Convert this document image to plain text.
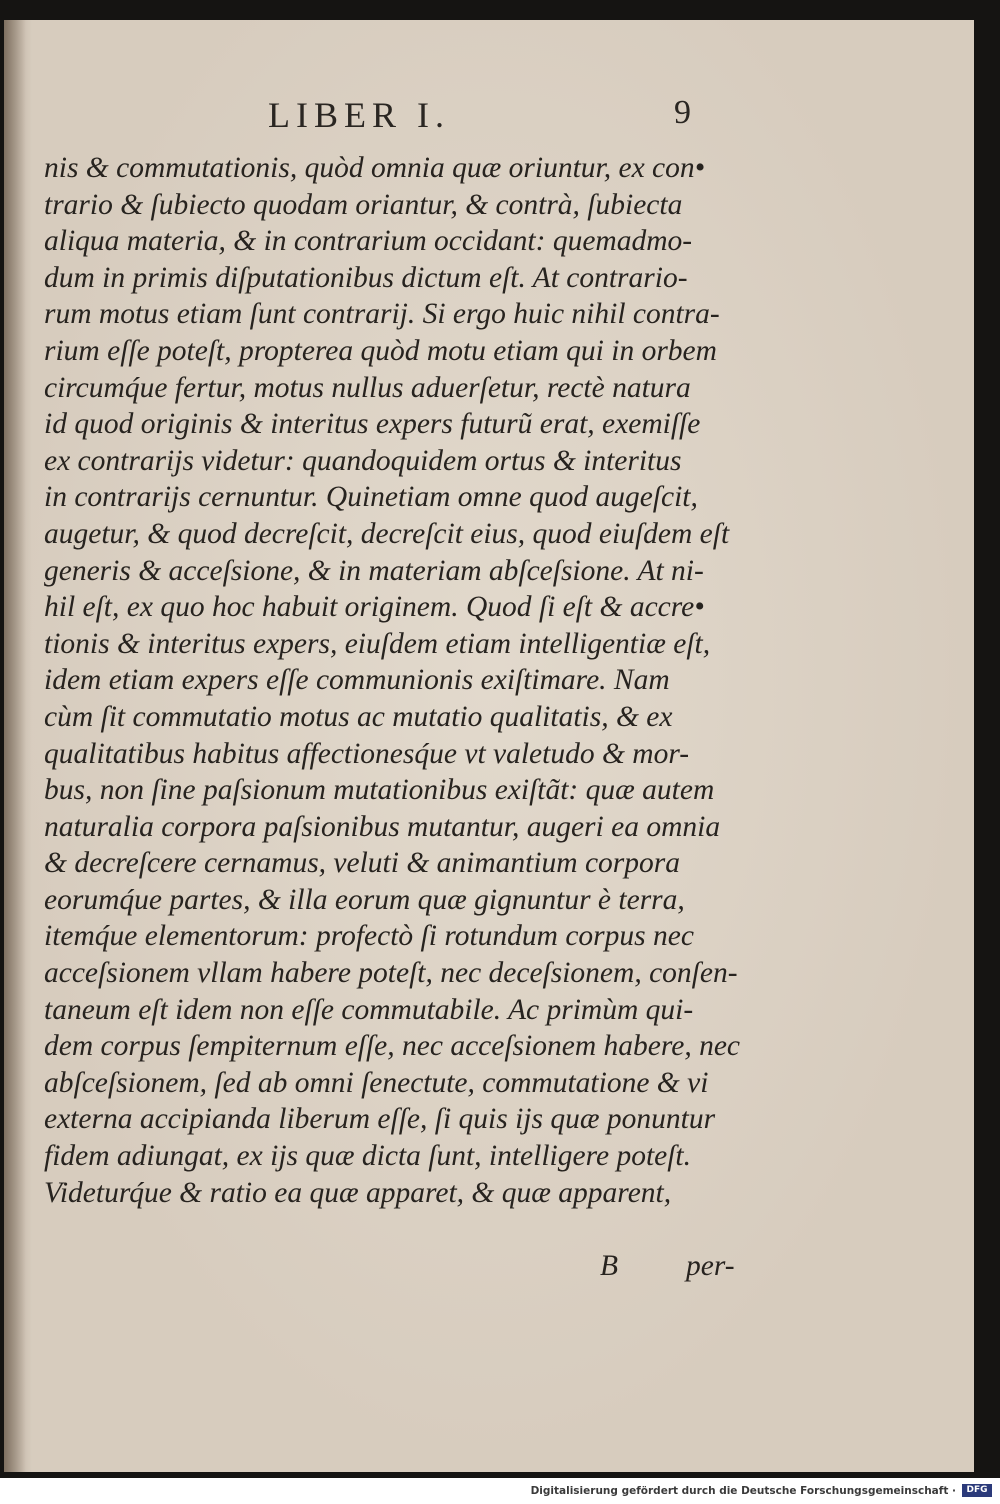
LIBER I.	9
nis & commutationis, quòd omnia quæ oriuntur, ex con•
trario & ſubiecto quodam oriantur, & contrà, ſubiecta
aliqua materia, & in contrarium occidant: quemadmo-
dum in primis diſputationibus dictum eſt. At contrario-
rum motus etiam ſunt contrarij. Si ergo huic nihil contra-
rium eſſe poteſt, propterea quòd motu etiam qui in orbem
circumq́ue fertur, motus nullus aduerſetur, rectè natura
id quod originis & interitus expers futurũ erat, exemiſſe
ex contrarijs videtur: quandoquidem ortus & interitus
in contrarijs cernuntur. Quinetiam omne quod augeſcit,
augetur, & quod decreſcit, decreſcit eius, quod eiuſdem eſt
generis & acceſsione, & in materiam abſceſsione. At ni-
hil eſt, ex quo hoc habuit originem. Quod ſi eſt & accre•
tionis & interitus expers, eiuſdem etiam intelligentiæ eſt,
idem etiam expers eſſe communionis exiſtimare. Nam
cùm ſit commutatio motus ac mutatio qualitatis, & ex
qualitatibus habitus affectionesq́ue vt valetudo & mor-
bus, non ſine paſsionum mutationibus exiſtãt: quæ autem
naturalia corpora paſsionibus mutantur, augeri ea omnia
& decreſcere cernamus, veluti & animantium corpora
eorumq́ue partes, & illa eorum quæ gignuntur è terra,
itemq́ue elementorum: profectò ſi rotundum corpus nec
acceſsionem vllam habere poteſt, nec deceſsionem, conſen-
taneum eſt idem non eſſe commutabile. Ac primùm qui-
dem corpus ſempiternum eſſe, nec acceſsionem habere, nec
abſceſsionem, ſed ab omni ſenectute, commutatione & vi
externa accipianda liberum eſſe, ſi quis ijs quæ ponuntur
fidem adiungat, ex ijs quæ dicta ſunt, intelligere poteſt.
Videturq́ue & ratio ea quæ apparet, & quæ apparent,
B per-
Digitalisierung gefördert durch die Deutsche Forschungsgemeinschaft ·	DFG
